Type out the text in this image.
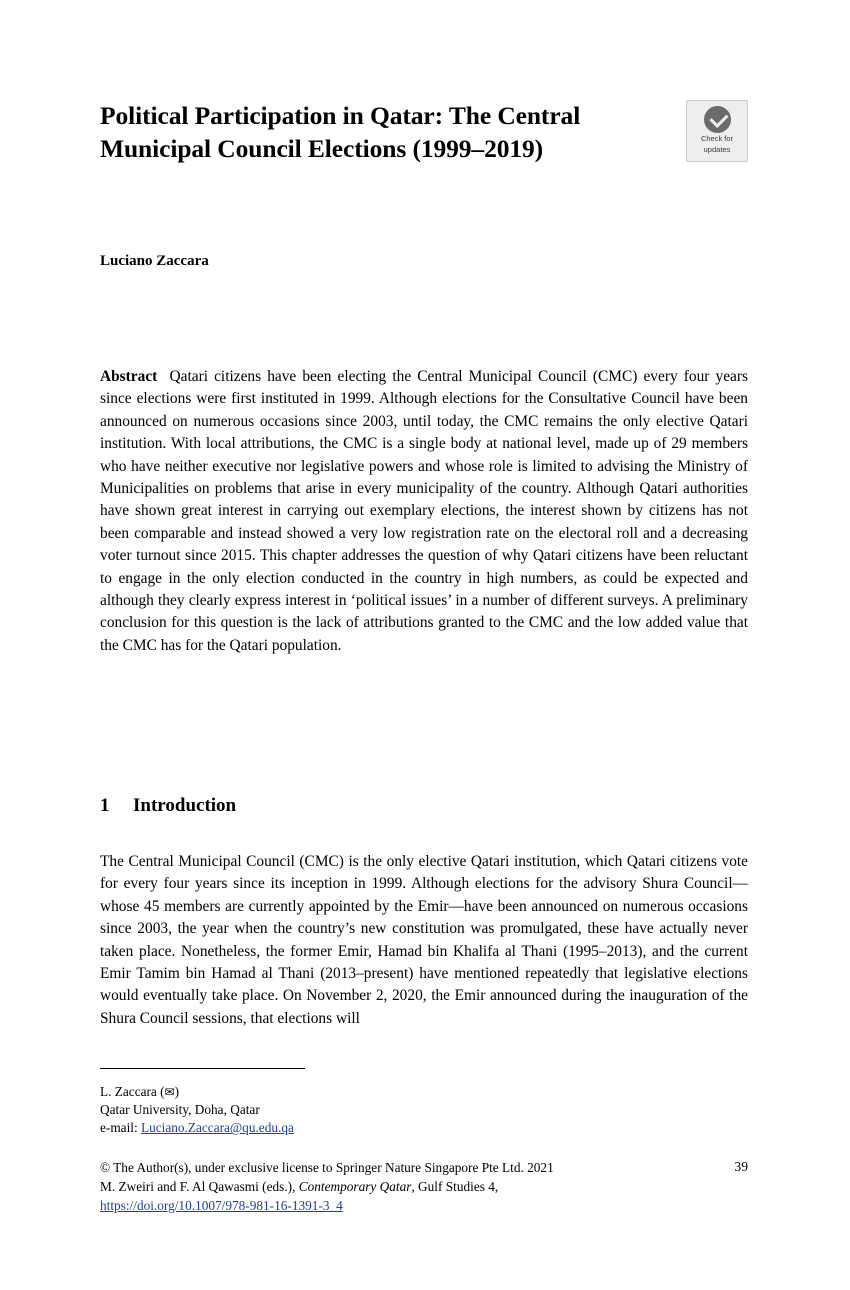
Political Participation in Qatar: The Central Municipal Council Elections (1999–2019)	Check for
updates
Luciano Zaccara
Abstract Qatari citizens have been electing the Central Municipal Council (CMC) every four years since elections were first instituted in 1999. Although elections for the Consultative Council have been announced on numerous occasions since 2003, until today, the CMC remains the only elective Qatari institution. With local attributions, the CMC is a single body at national level, made up of 29 members who have neither executive nor legislative powers and whose role is limited to advising the Ministry of Municipalities on problems that arise in every municipality of the country. Although Qatari authorities have shown great interest in carrying out exemplary elections, the interest shown by citizens has not been comparable and instead showed a very low registration rate on the electoral roll and a decreasing voter turnout since 2015. This chapter addresses the question of why Qatari citizens have been reluctant to engage in the only election conducted in the country in high numbers, as could be expected and although they clearly express interest in ‘political issues’ in a number of different surveys. A preliminary conclusion for this question is the lack of attributions granted to the CMC and the low added value that the CMC has for the Qatari population.
1 Introduction
The Central Municipal Council (CMC) is the only elective Qatari institution, which Qatari citizens vote for every four years since its inception in 1999. Although elections for the advisory Shura Council—whose 45 members are currently appointed by the Emir—have been announced on numerous occasions since 2003, the year when the country’s new constitution was promulgated, these have actually never taken place. Nonetheless, the former Emir, Hamad bin Khalifa al Thani (1995–2013), and the current Emir Tamim bin Hamad al Thani (2013–present) have mentioned repeatedly that legislative elections would eventually take place. On November 2, 2020, the Emir announced during the inauguration of the Shura Council sessions, that elections will
L. Zaccara (✉)
Qatar University, Doha, Qatar
e-mail: Luciano.Zaccara@qu.edu.qa
© The Author(s), under exclusive license to Springer Nature Singapore Pte Ltd. 2021
M. Zweiri and F. Al Qawasmi (eds.), Contemporary Qatar, Gulf Studies 4,
https://doi.org/10.1007/978-981-16-1391-3_4
39
